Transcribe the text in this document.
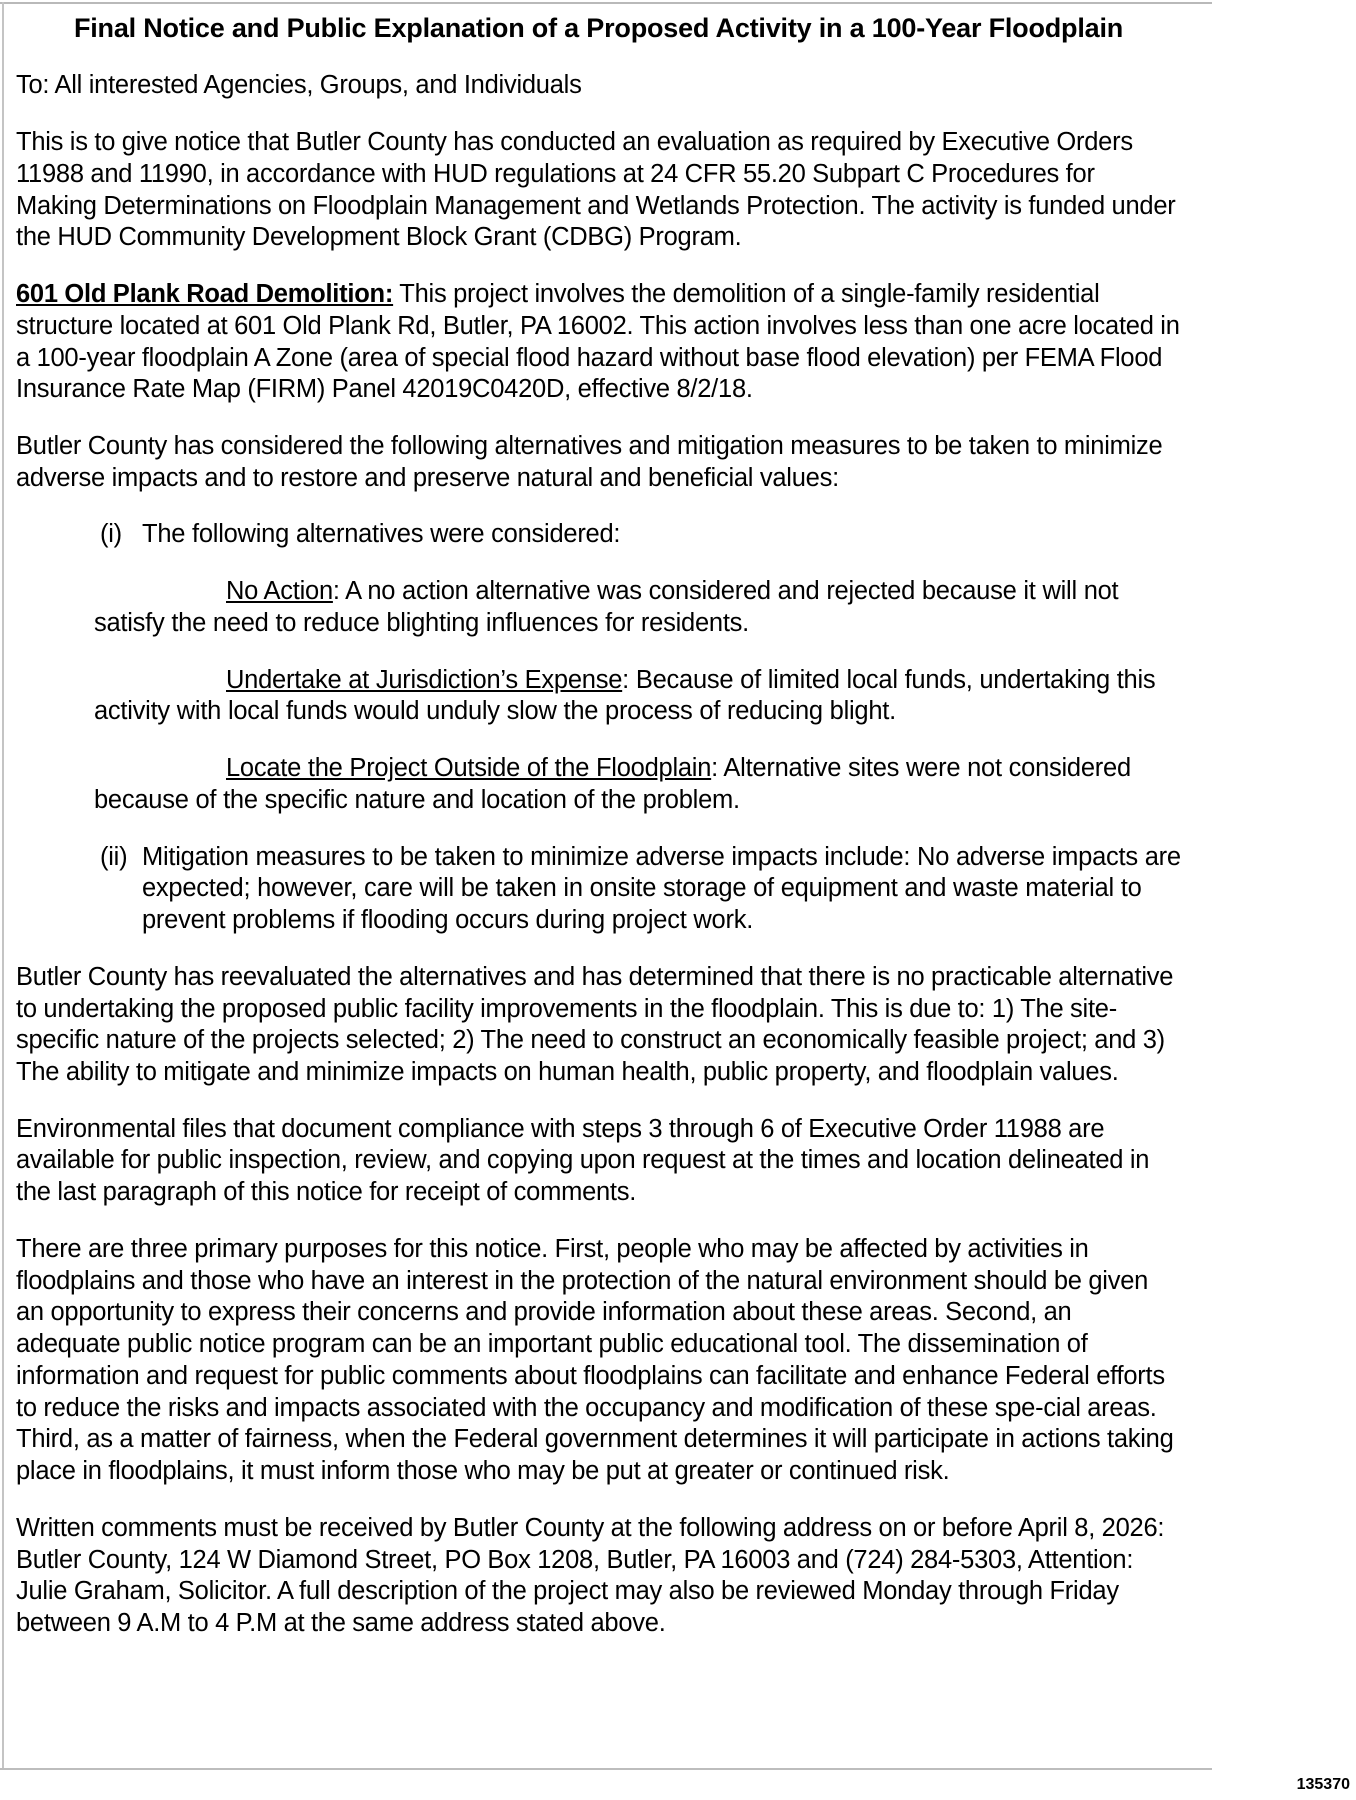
Final Notice and Public Explanation of a Proposed Activity in a 100-Year Floodplain

To: All interested Agencies, Groups, and Individuals

This is to give notice that Butler County has conducted an evaluation as required by Executive Orders 11988 and 11990, in accordance with HUD regulations at 24 CFR 55.20 Subpart C Procedures for Making Determinations on Floodplain Management and Wetlands Protection. The activity is funded under the HUD Community Development Block Grant (CDBG) Program.

601 Old Plank Road Demolition: This project involves the demolition of a single-family residential structure located at 601 Old Plank Rd, Butler, PA 16002. This action involves less than one acre located in a 100-year floodplain A Zone (area of special flood hazard without base flood elevation) per FEMA Flood Insurance Rate Map (FIRM) Panel 42019C0420D, effective 8/2/18.

Butler County has considered the following alternatives and mitigation measures to be taken to minimize adverse impacts and to restore and preserve natural and beneficial values:

(i) The following alternatives were considered:

No Action: A no action alternative was considered and rejected because it will not satisfy the need to reduce blighting influences for residents.

Undertake at Jurisdiction’s Expense: Because of limited local funds, undertaking this activity with local funds would unduly slow the process of reducing blight.

Locate the Project Outside of the Floodplain: Alternative sites were not considered because of the specific nature and location of the problem.

(ii) Mitigation measures to be taken to minimize adverse impacts include: No adverse impacts are expected; however, care will be taken in onsite storage of equipment and waste material to prevent problems if flooding occurs during project work.

Butler County has reevaluated the alternatives and has determined that there is no practicable alternative to undertaking the proposed public facility improvements in the floodplain. This is due to: 1) The site-specific nature of the projects selected; 2) The need to construct an economically feasible project; and 3) The ability to mitigate and minimize impacts on human health, public property, and floodplain values.

Environmental files that document compliance with steps 3 through 6 of Executive Order 11988 are available for public inspection, review, and copying upon request at the times and location delineated in the last paragraph of this notice for receipt of comments.

There are three primary purposes for this notice. First, people who may be affected by activities in floodplains and those who have an interest in the protection of the natural environment should be given an opportunity to express their concerns and provide information about these areas. Second, an adequate public notice program can be an important public educational tool. The dissemination of information and request for public comments about floodplains can facilitate and enhance Federal efforts to reduce the risks and impacts associated with the occupancy and modification of these spe-cial areas. Third, as a matter of fairness, when the Federal government determines it will participate in actions taking place in floodplains, it must inform those who may be put at greater or continued risk.

Written comments must be received by Butler County at the following address on or before April 8, 2026: Butler County, 124 W Diamond Street, PO Box 1208, Butler, PA 16003 and (724) 284-5303, Attention: Julie Graham, Solicitor. A full description of the project may also be reviewed Monday through Friday between 9 A.M to 4 P.M at the same address stated above.

135370
